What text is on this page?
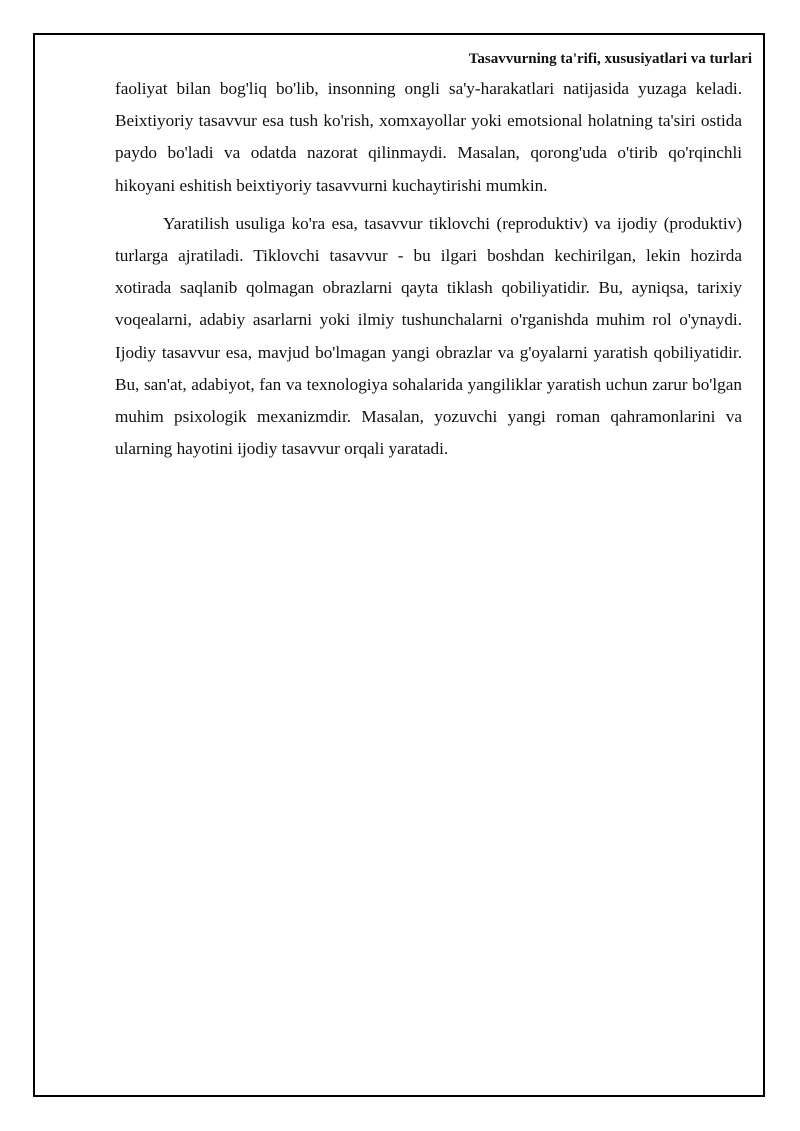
Tasavvurning ta'rifi, xususiyatlari va turlari

faoliyat bilan bog'liq bo'lib, insonning ongli sa'y-harakatlari natijasida yuzaga keladi. Beixtiyoriy tasavvur esa tush ko'rish, xomxayollar yoki emotsional holatning ta'siri ostida paydo bo'ladi va odatda nazorat qilinmaydi. Masalan, qorong'uda o'tirib qo'rqinchli hikoyani eshitish beixtiyoriy tasavvurni kuchaytirishi mumkin.

Yaratilish usuliga ko'ra esa, tasavvur tiklovchi (reproduktiv) va ijodiy (produktiv) turlarga ajratiladi. Tiklovchi tasavvur - bu ilgari boshdan kechirilgan, lekin hozirda xotirada saqlanib qolmagan obrazlarni qayta tiklash qobiliyatidir. Bu, ayniqsa, tarixiy voqealarni, adabiy asarlarni yoki ilmiy tushunchalarni o'rganishda muhim rol o'ynaydi. Ijodiy tasavvur esa, mavjud bo'lmagan yangi obrazlar va g'oyalarni yaratish qobiliyatidir. Bu, san'at, adabiyot, fan va texnologiya sohalarida yangiliklar yaratish uchun zarur bo'lgan muhim psixologik mexanizmdir. Masalan, yozuvchi yangi roman qahramonlarini va ularning hayotini ijodiy tasavvur orqali yaratadi.
